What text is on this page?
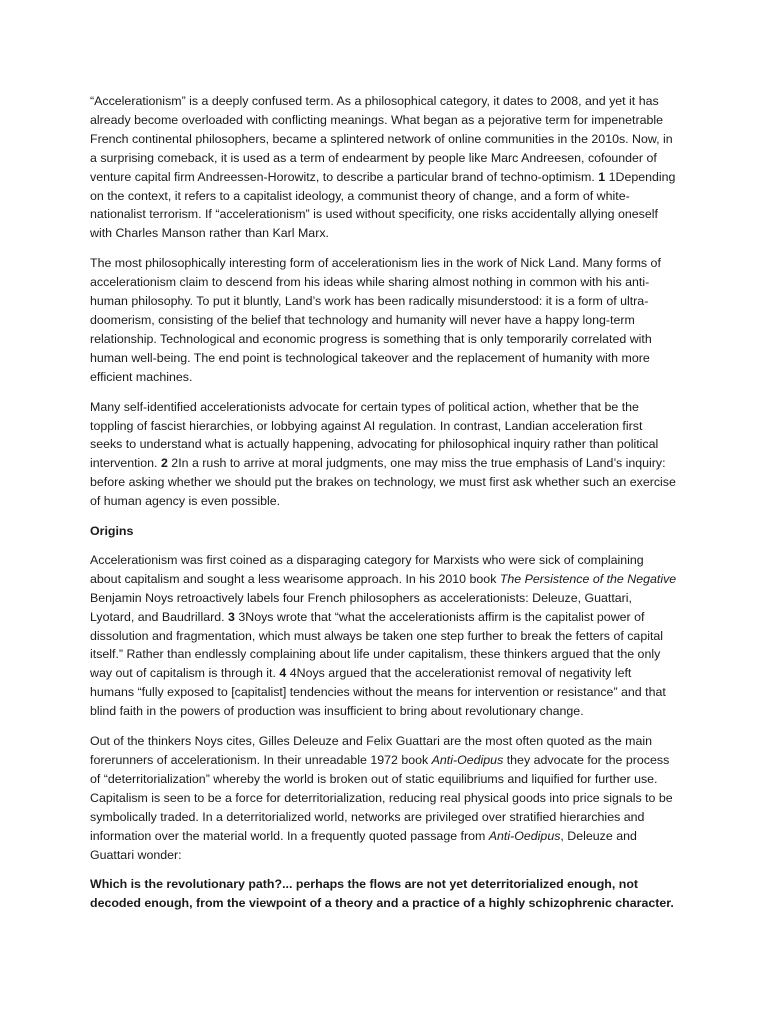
“Accelerationism” is a deeply confused term. As a philosophical category, it dates to 2008, and yet it has already become overloaded with conflicting meanings. What began as a pejorative term for impenetrable French continental philosophers, became a splintered network of online communities in the 2010s. Now, in a surprising comeback, it is used as a term of endearment by people like Marc Andreesen, cofounder of venture capital firm Andreessen-Horowitz, to describe a particular brand of techno-optimism. 1 1Depending on the context, it refers to a capitalist ideology, a communist theory of change, and a form of white-nationalist terrorism. If “accelerationism” is used without specificity, one risks accidentally allying oneself with Charles Manson rather than Karl Marx.

The most philosophically interesting form of accelerationism lies in the work of Nick Land. Many forms of accelerationism claim to descend from his ideas while sharing almost nothing in common with his anti-human philosophy. To put it bluntly, Land’s work has been radically misunderstood: it is a form of ultra-doomerism, consisting of the belief that technology and humanity will never have a happy long-term relationship. Technological and economic progress is something that is only temporarily correlated with human well-being. The end point is technological takeover and the replacement of humanity with more efficient machines.

Many self-identified accelerationists advocate for certain types of political action, whether that be the toppling of fascist hierarchies, or lobbying against AI regulation. In contrast, Landian acceleration first seeks to understand what is actually happening, advocating for philosophical inquiry rather than political intervention. 2 2In a rush to arrive at moral judgments, one may miss the true emphasis of Land’s inquiry: before asking whether we should put the brakes on technology, we must first ask whether such an exercise of human agency is even possible.

Origins

Accelerationism was first coined as a disparaging category for Marxists who were sick of complaining about capitalism and sought a less wearisome approach. In his 2010 book The Persistence of the Negative Benjamin Noys retroactively labels four French philosophers as accelerationists: Deleuze, Guattari, Lyotard, and Baudrillard. 3 3Noys wrote that “what the accelerationists affirm is the capitalist power of dissolution and fragmentation, which must always be taken one step further to break the fetters of capital itself.” Rather than endlessly complaining about life under capitalism, these thinkers argued that the only way out of capitalism is through it. 4 4Noys argued that the accelerationist removal of negativity left humans “fully exposed to [capitalist] tendencies without the means for intervention or resistance” and that blind faith in the powers of production was insufficient to bring about revolutionary change.

Out of the thinkers Noys cites, Gilles Deleuze and Felix Guattari are the most often quoted as the main forerunners of accelerationism. In their unreadable 1972 book Anti-Oedipus they advocate for the process of “deterritorialization” whereby the world is broken out of static equilibriums and liquified for further use. Capitalism is seen to be a force for deterritorialization, reducing real physical goods into price signals to be symbolically traded. In a deterritorialized world, networks are privileged over stratified hierarchies and information over the material world. In a frequently quoted passage from Anti-Oedipus, Deleuze and Guattari wonder:

Which is the revolutionary path?... perhaps the flows are not yet deterritorialized enough, not decoded enough, from the viewpoint of a theory and a practice of a highly schizophrenic character.
